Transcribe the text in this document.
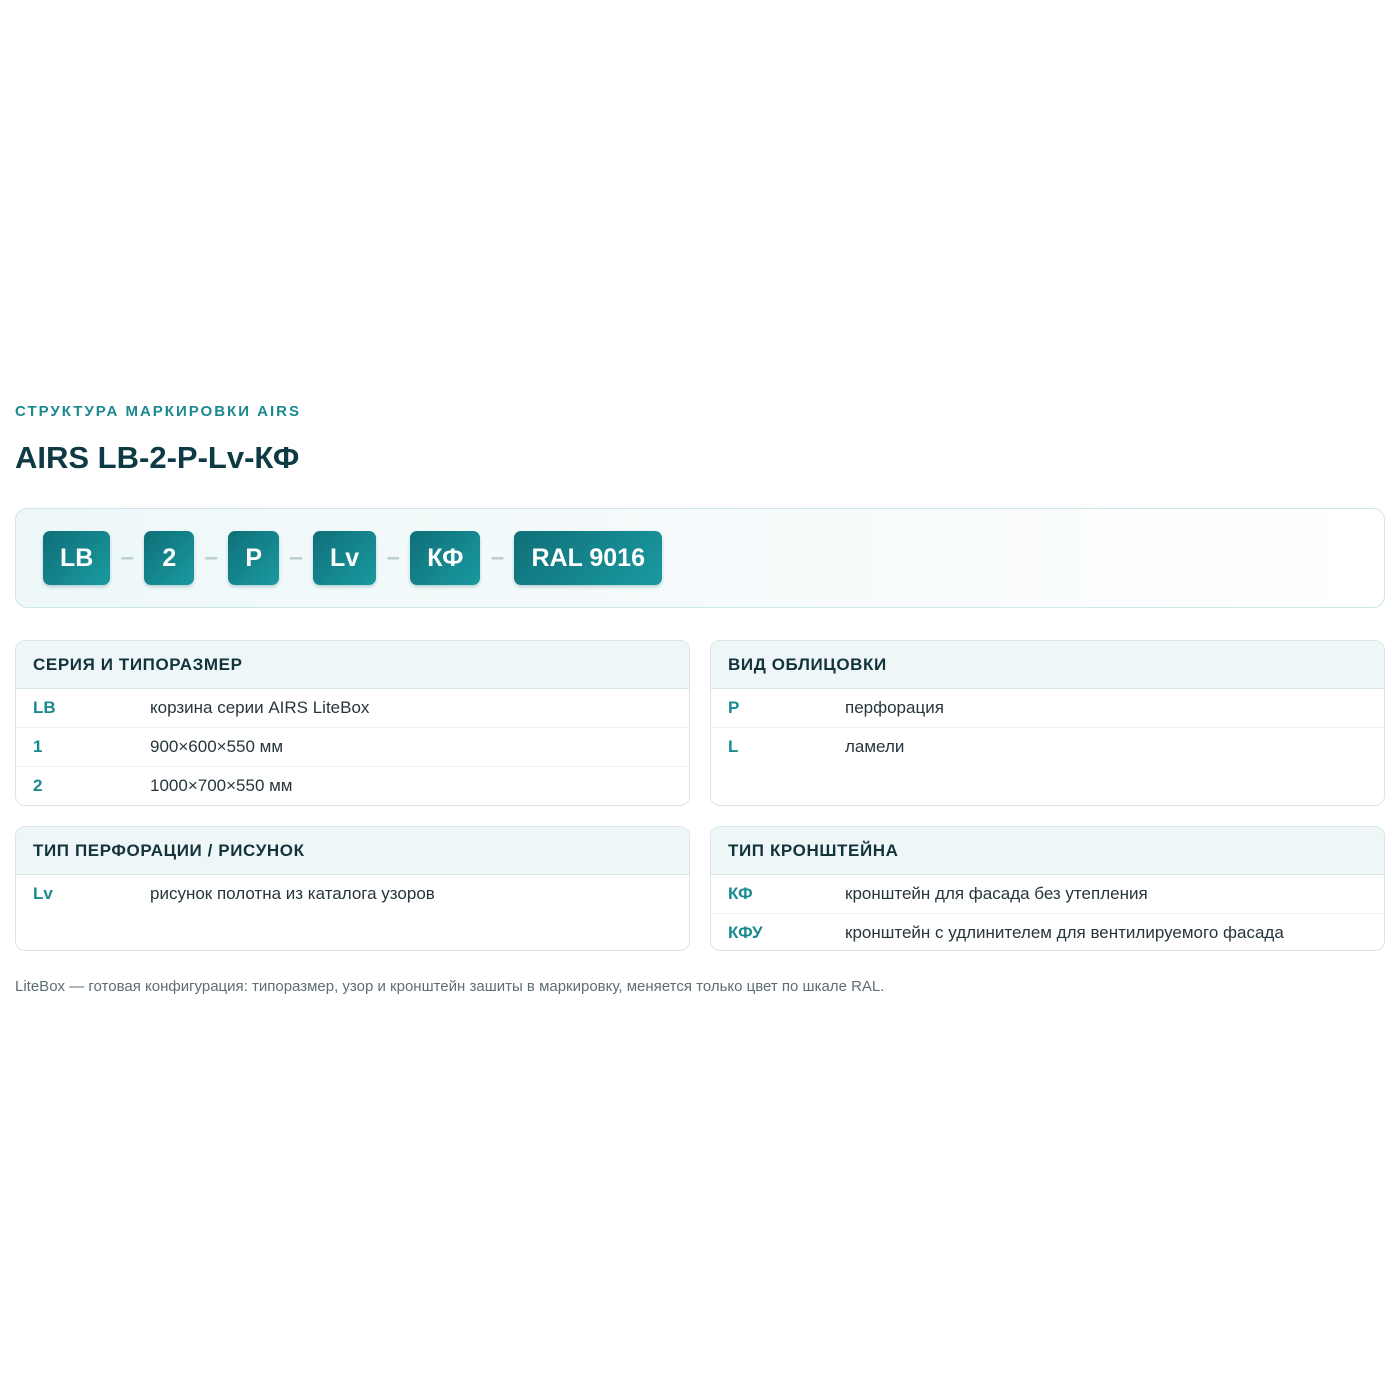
СТРУКТУРА МАРКИРОВКИ AIRS
AIRS LB-2-P-Lv-КФ
LB	–	2	–	P	–	Lv	–	КФ	–	RAL 9016
СЕРИЯ И ТИПОРАЗМЕР
LB	корзина серии AIRS LiteBox
1	900×600×550 мм
2	1000×700×550 мм
ВИД ОБЛИЦОВКИ
P	перфорация
L	ламели
ТИП ПЕРФОРАЦИИ / РИСУНОК
Lv	рисунок полотна из каталога узоров
ТИП КРОНШТЕЙНА
КФ	кронштейн для фасада без утепления
КФУ	кронштейн с удлинителем для вентилируемого фасада
LiteBox — готовая конфигурация: типоразмер, узор и кронштейн зашиты в маркировку, меняется только цвет по шкале RAL.
